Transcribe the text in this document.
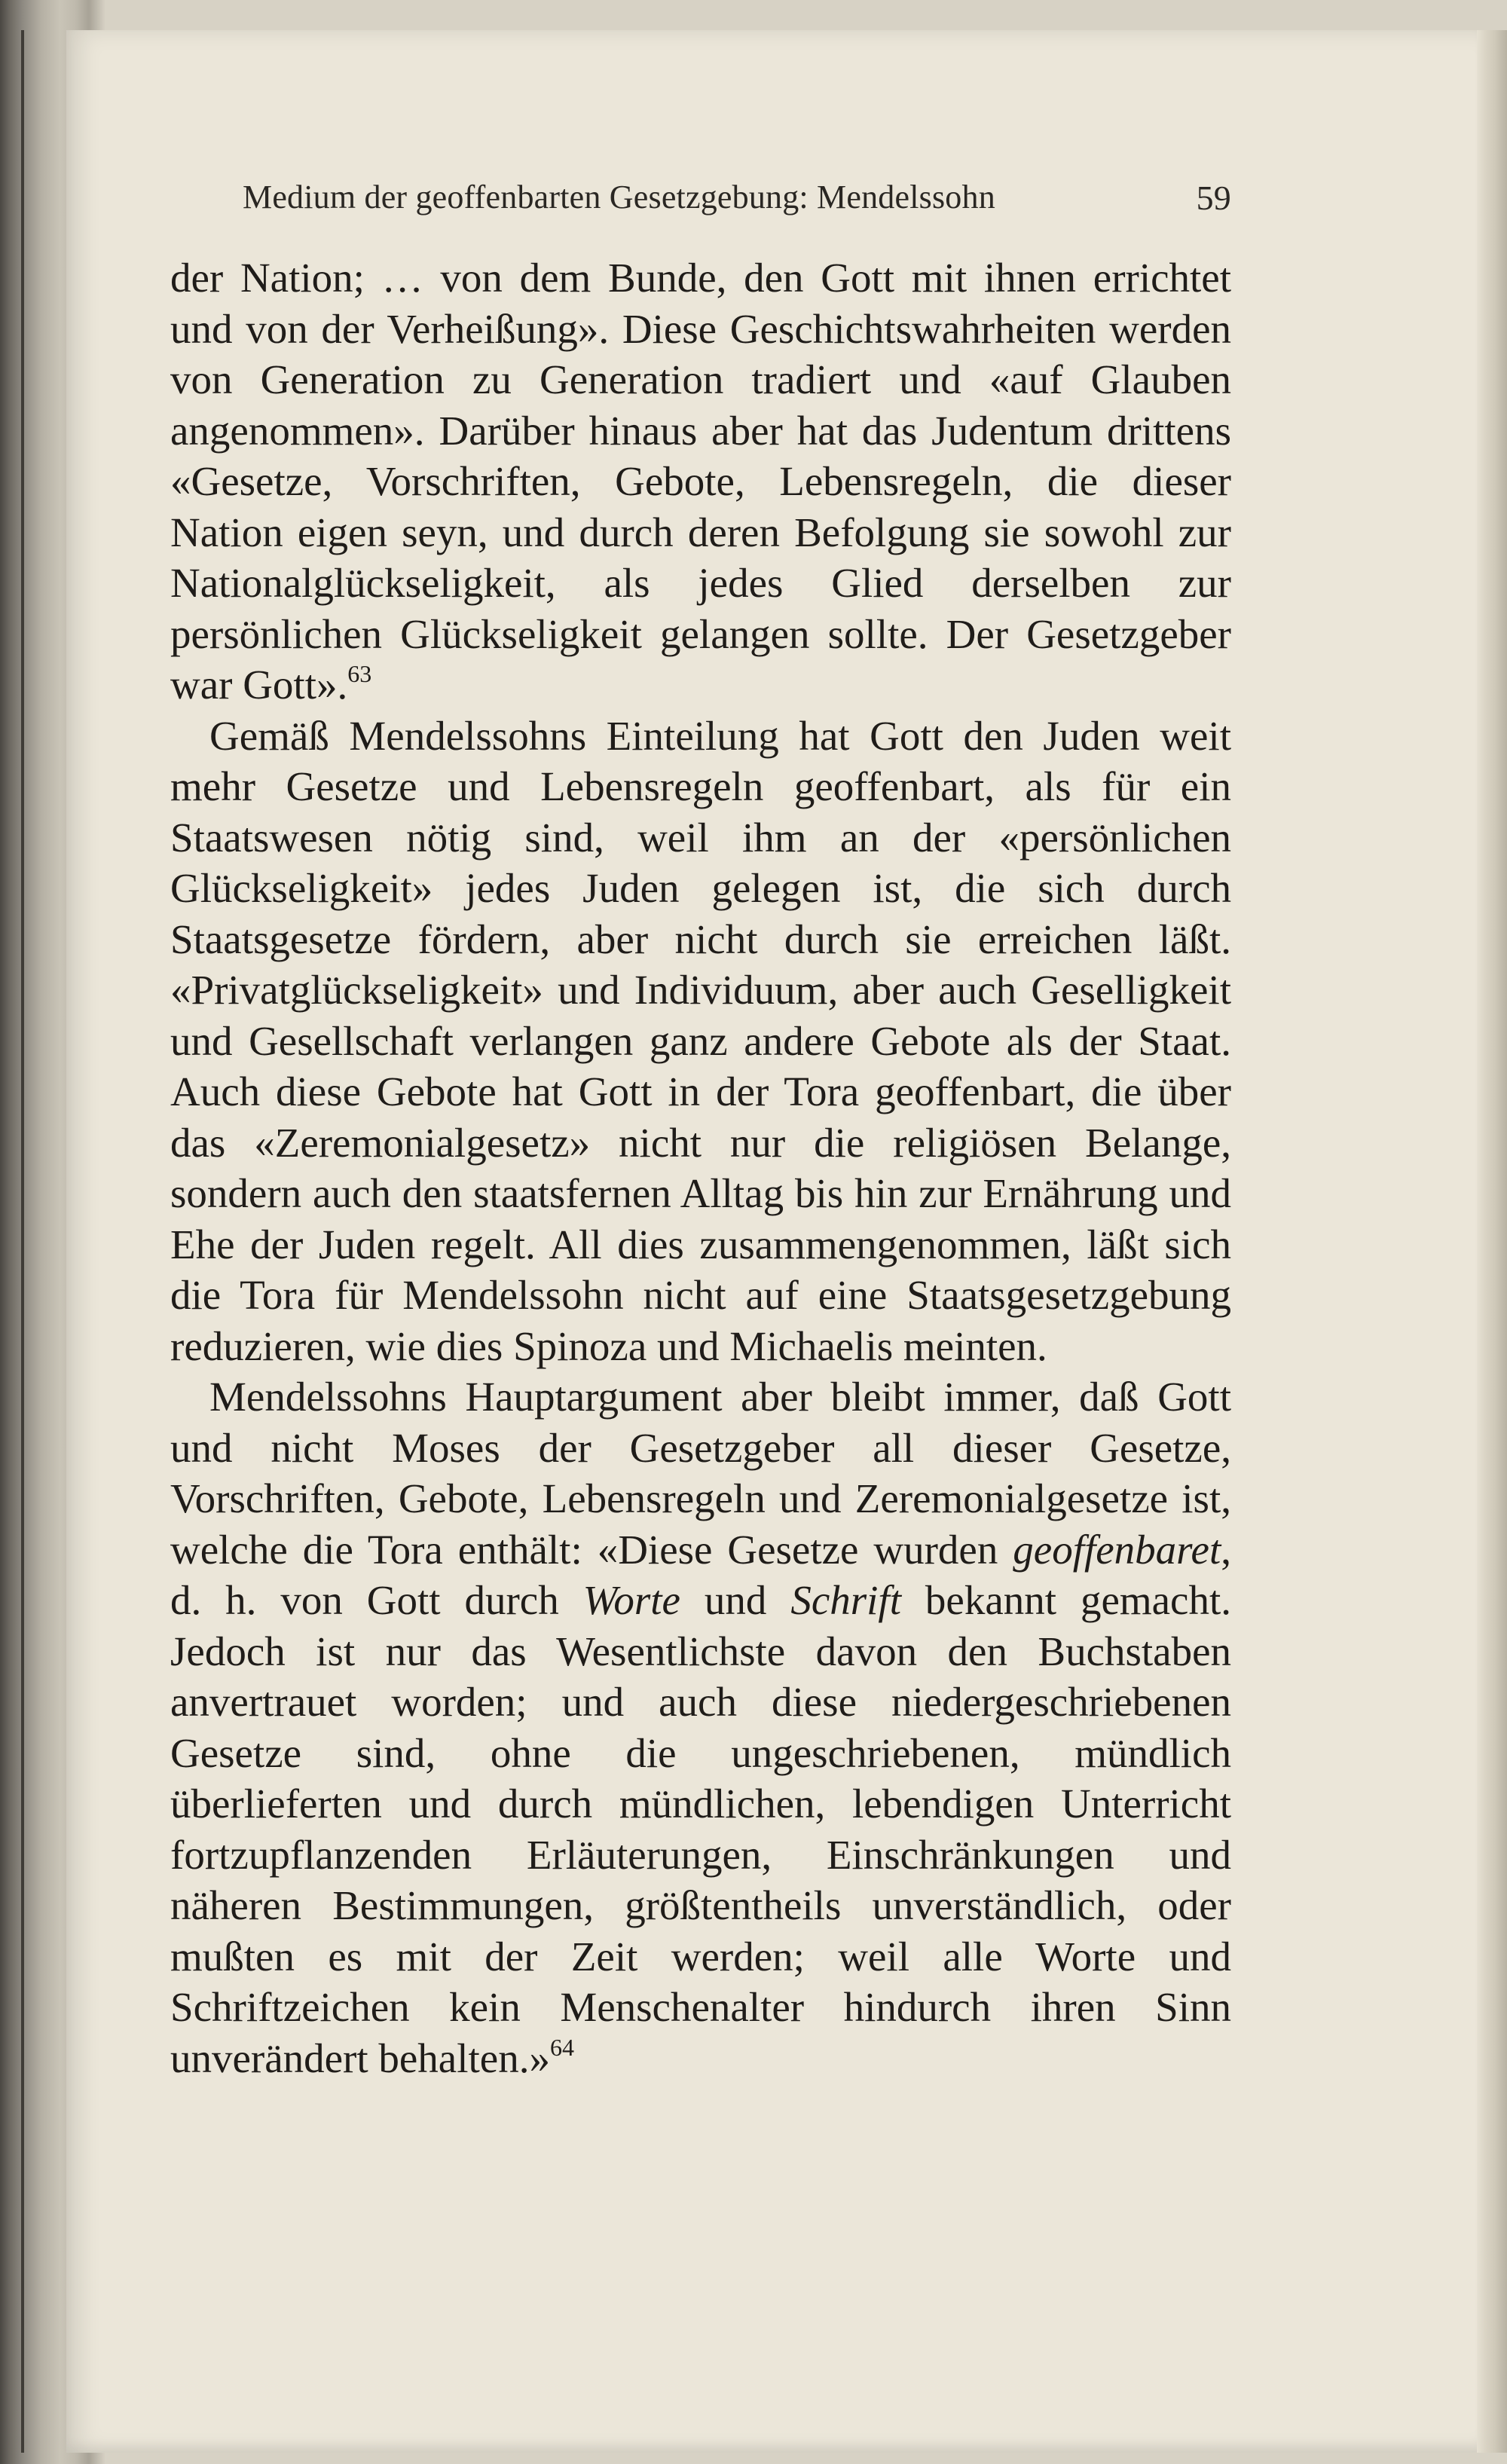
Medium der geoffenbarten Gesetzgebung: Mendelssohn	59

der Nation; … von dem Bunde, den Gott mit ihnen errichtet und von der Verheißung». Diese Geschichtswahrheiten werden von Generation zu Generation tradiert und «auf Glauben angenommen». Darüber hinaus aber hat das Judentum drittens «Gesetze, Vorschriften, Gebote, Lebensregeln, die dieser Nation eigen seyn, und durch deren Befolgung sie sowohl zur Nationalglückseligkeit, als jedes Glied derselben zur persönlichen Glückseligkeit gelangen sollte. Der Gesetzgeber war Gott».$^{63}$

Gemäß Mendelssohns Einteilung hat Gott den Juden weit mehr Gesetze und Lebensregeln geoffenbart, als für ein Staatswesen nötig sind, weil ihm an der «persönlichen Glückseligkeit» jedes Juden gelegen ist, die sich durch Staatsgesetze fördern, aber nicht durch sie erreichen läßt. «Privatglückseligkeit» und Individuum, aber auch Geselligkeit und Gesellschaft verlangen ganz andere Gebote als der Staat. Auch diese Gebote hat Gott in der Tora geoffenbart, die über das «Zeremonialgesetz» nicht nur die religiösen Belange, sondern auch den staatsfernen Alltag bis hin zur Ernährung und Ehe der Juden regelt. All dies zusammengenommen, läßt sich die Tora für Mendelssohn nicht auf eine Staatsgesetzgebung reduzieren, wie dies Spinoza und Michaelis meinten.

Mendelssohns Hauptargument aber bleibt immer, daß Gott und nicht Moses der Gesetzgeber all dieser Gesetze, Vorschriften, Gebote, Lebensregeln und Zeremonialgesetze ist, welche die Tora enthält: «Diese Gesetze wurden geoffenbaret, d. h. von Gott durch Worte und Schrift bekannt gemacht. Jedoch ist nur das Wesentlichste davon den Buchstaben anvertrauet worden; und auch diese niedergeschriebenen Gesetze sind, ohne die ungeschriebenen, mündlich überlieferten und durch mündlichen, lebendigen Unterricht fortzupflanzenden Erläuterungen, Einschränkungen und näheren Bestimmungen, größtentheils unverständlich, oder mußten es mit der Zeit werden; weil alle Worte und Schriftzeichen kein Menschenalter hindurch ihren Sinn unverändert behalten.»$^{64}$
